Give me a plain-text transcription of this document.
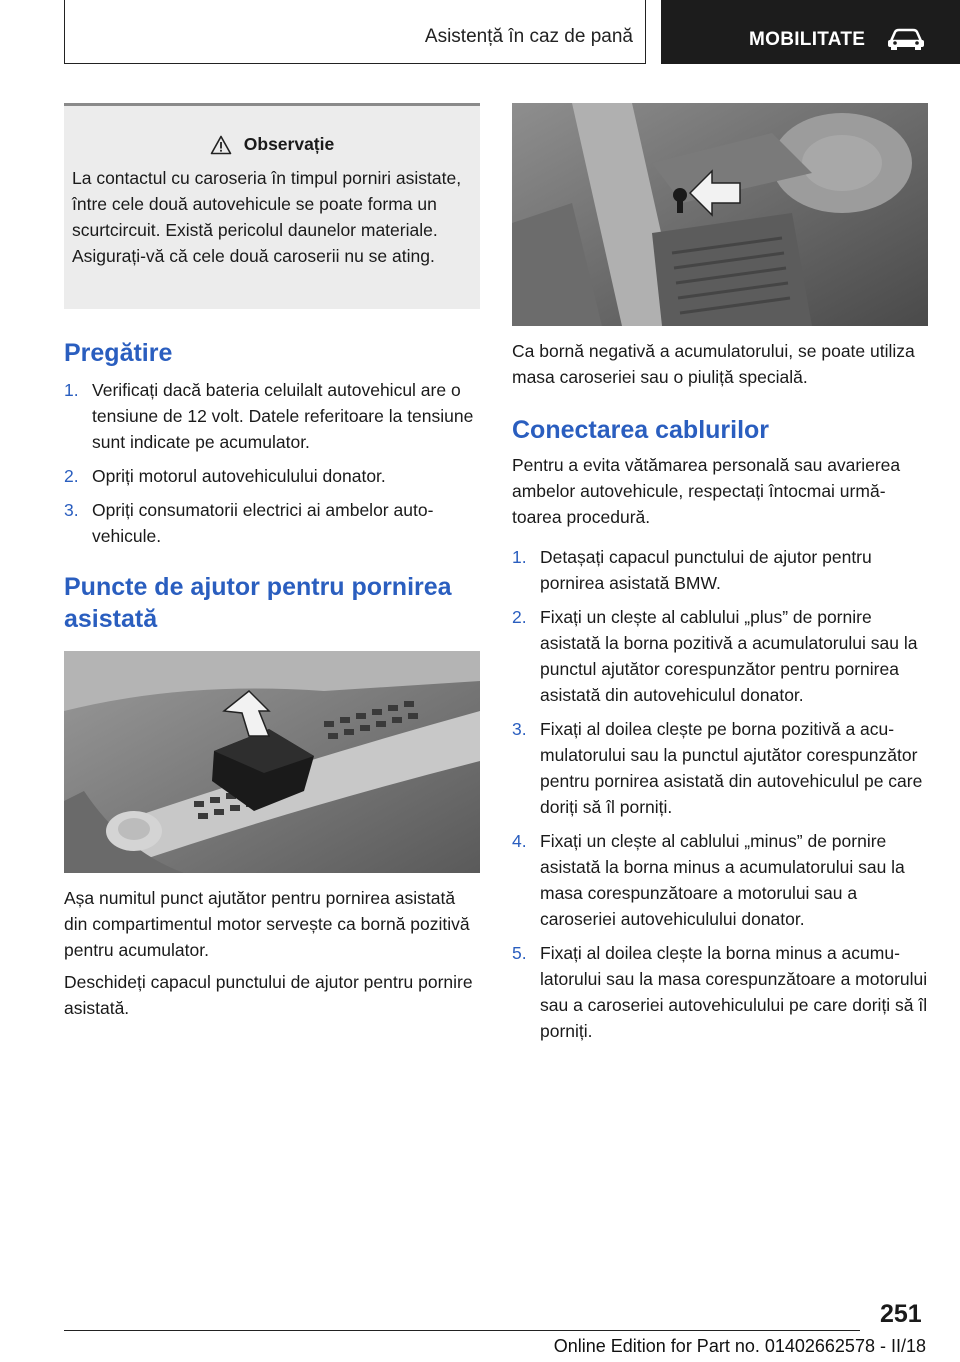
Asistență în caz de pană	MOBILITATE
Observație
La contactul cu caroseria în timpul porniri asistate, între cele două autovehicule se poate forma un scurtcircuit. Există pericolul daunelor materiale. Asigurați-vă că cele două caroserii nu se ating.
Pregătire
1. Verificați dacă bateria celuilalt autovehicul are o tensiune de 12 volt. Datele referitoare la tensiune sunt indicate pe acumulator.
2. Opriți motorul autovehiculului donator.
3. Opriți consumatorii electrici ai ambelor autovehicule.
Puncte de ajutor pentru pornirea asistată

Așa numitul punct ajutător pentru pornirea asistată din compartimentul motor servește ca bornă pozitivă pentru acumulator.

Deschideți capacul punctului de ajutor pentru pornire asistată.

Ca bornă negativă a acumulatorului, se poate utiliza masa caroseriei sau o piuliță specială.

Conectarea cablurilor

Pentru a evita vătămarea personală sau avarierea ambelor autovehicule, respectați întocmai următoarea procedură.

1. Detașați capacul punctului de ajutor pentru pornirea asistată BMW.
2. Fixați un clește al cablului „plus” de pornire asistată la borna pozitivă a acumulatorului sau la punctul ajutător corespunzător pentru pornirea asistată din autovehiculul donator.
3. Fixați al doilea clește pe borna pozitivă a acumulatorului sau la punctul ajutător corespunzător pentru pornirea asistată din autovehiculul pe care doriți să îl porniți.
4. Fixați un clește al cablului „minus” de pornire asistată la borna minus a acumulatorului sau la masa corespunzătoare a motorului sau a caroseriei autovehiculului donator.
5. Fixați al doilea clește la borna minus a acumulatorului sau la masa corespunzătoare a motorului sau a caroseriei autovehiculului pe care doriți să îl porniți.
251
Online Edition for Part no. 01402662578 - II/18
